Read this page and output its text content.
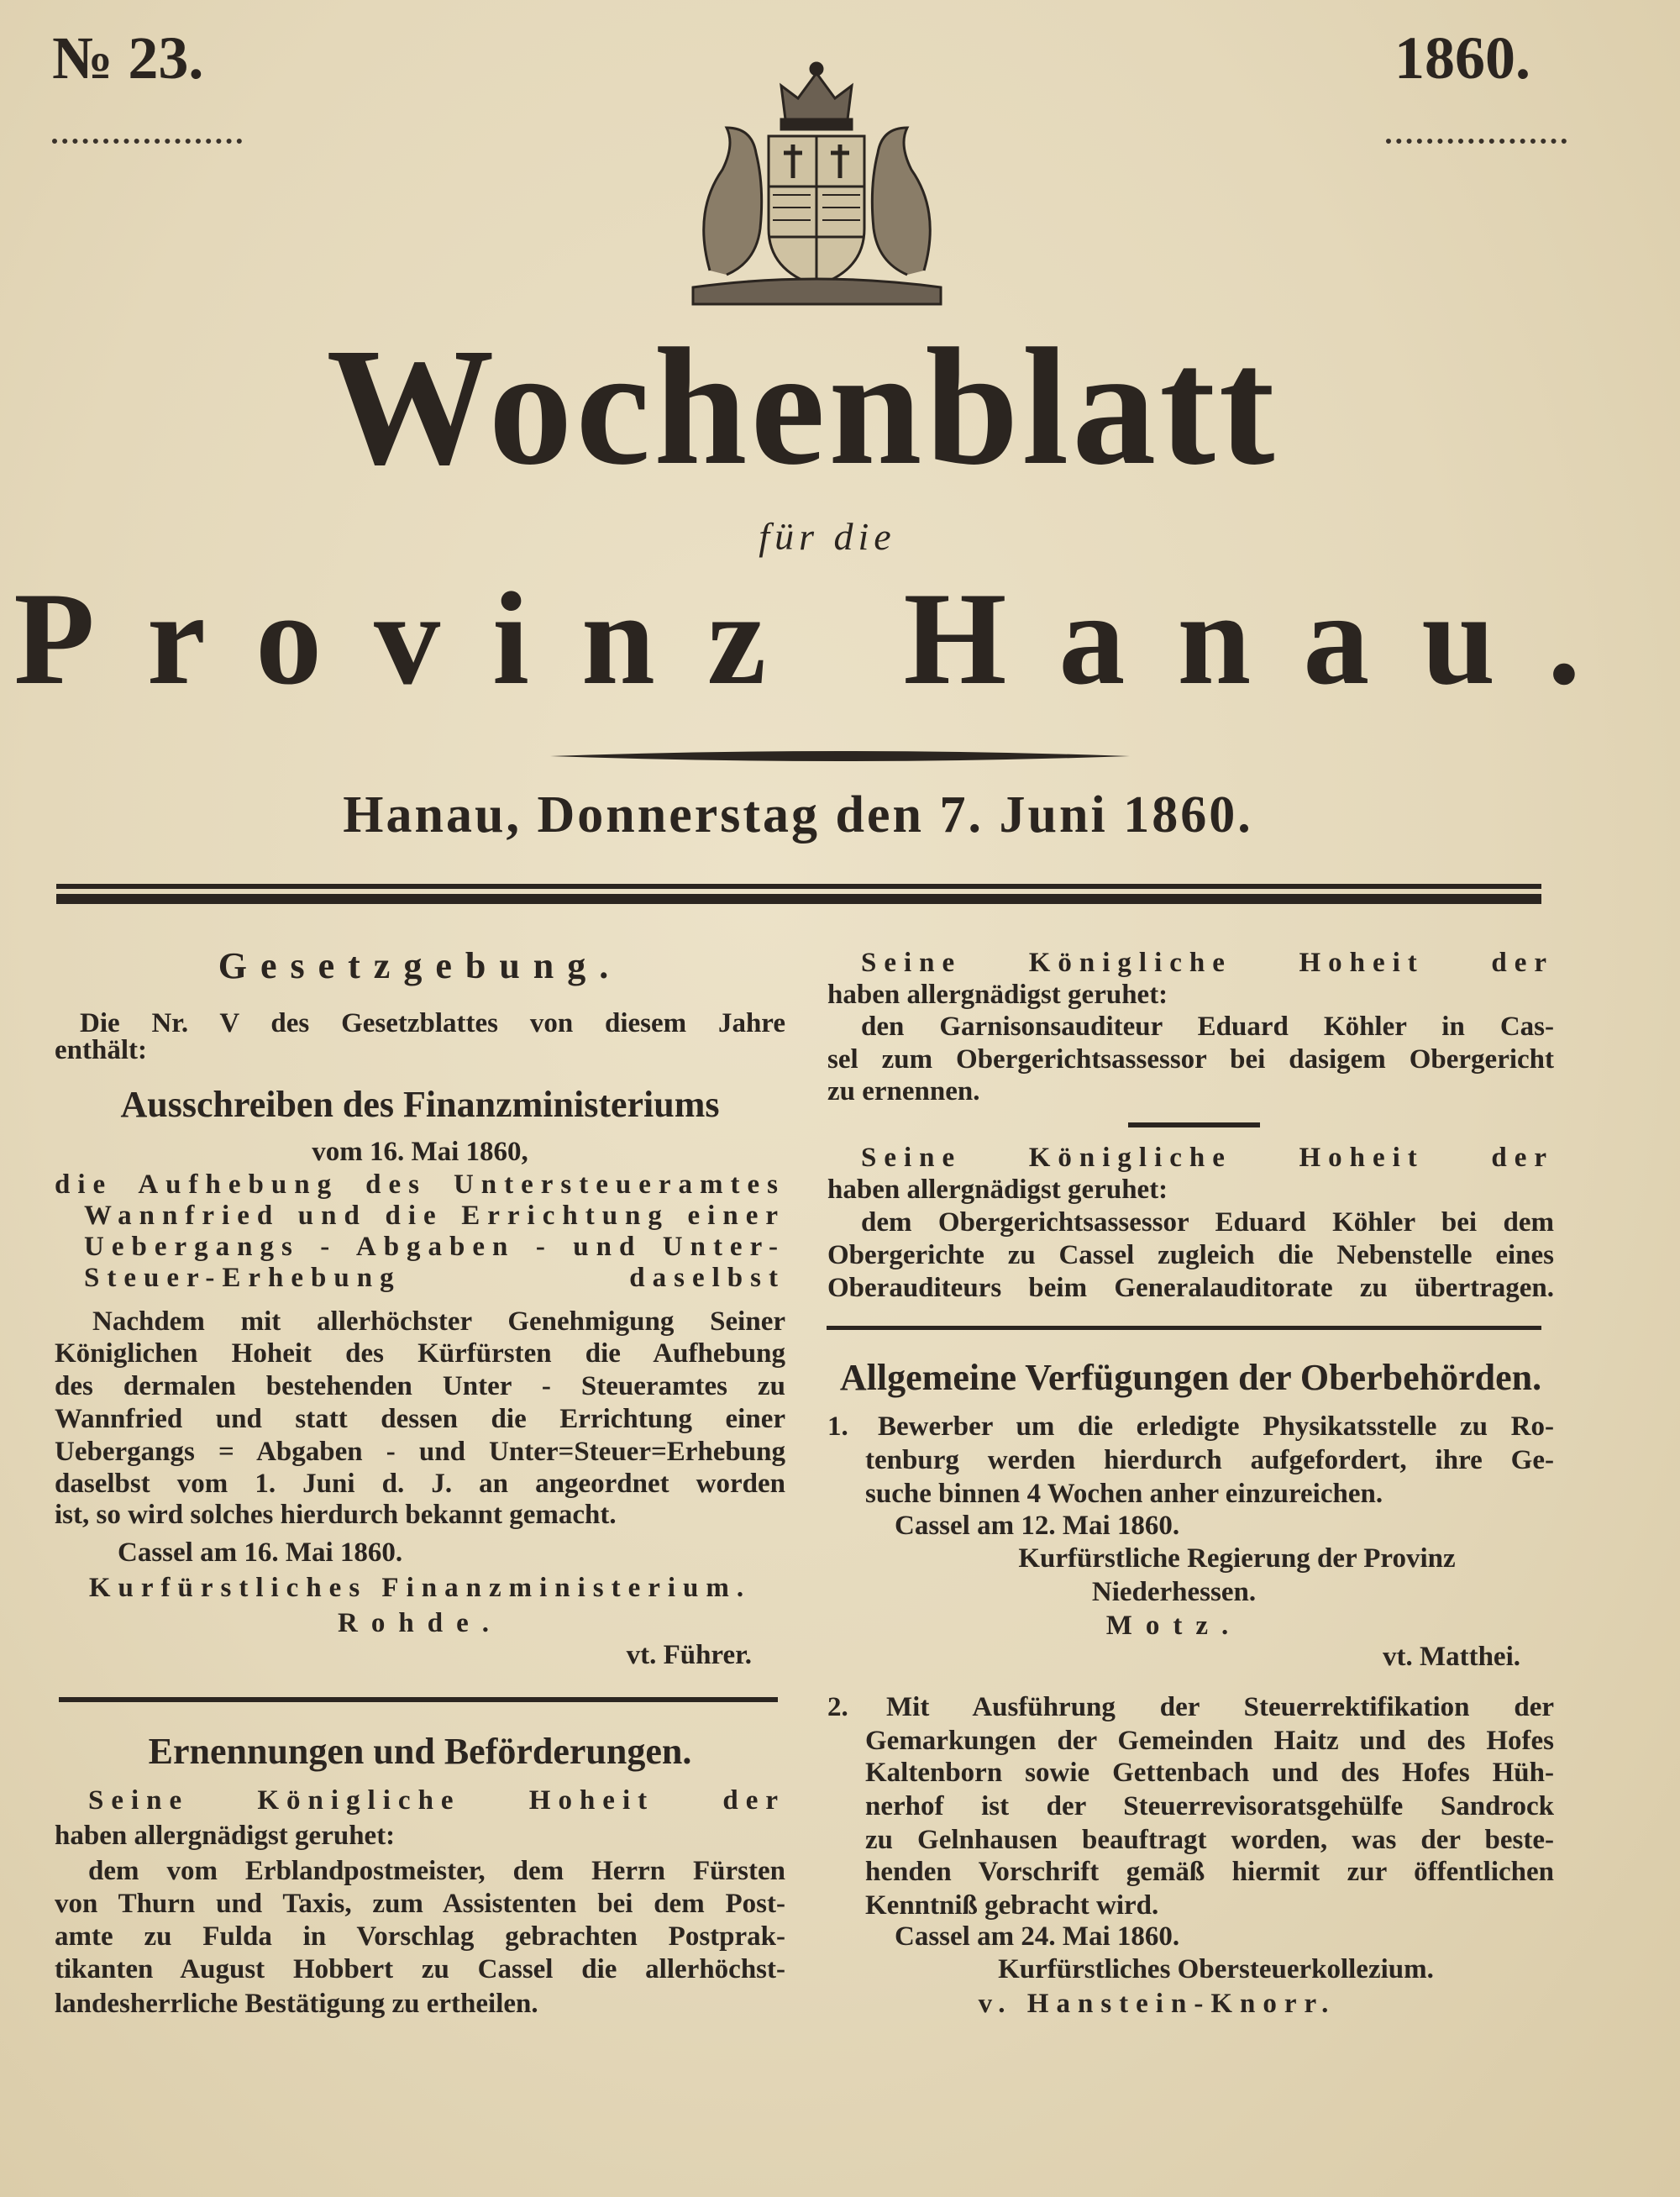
№ 23.	1860.
Wochenblatt
für die
Provinz Hanau.
Hanau, Donnerstag den 7. Juni 1860.
Gesetzgebung.
Die Nr. V des Gesetzblattes von diesem Jahre
enthält:
Ausschreiben des Finanzministeriums
vom 16. Mai 1860,
die Aufhebung des Untersteueramtes
Wannfried und die Errichtung einer
Uebergangs - Abgaben - und Unter-
Steuer-Erhebung daselbst
Nachdem mit allerhöchster Genehmigung Seiner
Königlichen Hoheit des Kürfürsten die Aufhebung
des dermalen bestehenden Unter - Steueramtes zu
Wannfried und statt dessen die Errichtung einer
Uebergangs = Abgaben - und Unter=Steuer=Erhebung
daselbst vom 1. Juni d. J. an angeordnet worden
ist, so wird solches hierdurch bekannt gemacht.
Cassel am 16. Mai 1860.
Kurfürstliches Finanzministerium.
Rohde.
vt. Führer.
Ernennungen und Beförderungen.
Seine Königliche Hoheit der
haben allergnädigst geruhet:
dem vom Erblandpostmeister, dem Herrn Fürsten
von Thurn und Taxis, zum Assistenten bei dem Post-
amte zu Fulda in Vorschlag gebrachten Postprak-
tikanten August Hobbert zu Cassel die allerhöchst-
landesherrliche Bestätigung zu ertheilen.
Seine Königliche Hoheit der
haben allergnädigst geruhet:
den Garnisonsauditeur Eduard Köhler in Cas-
sel zum Obergerichtsassessor bei dasigem Obergericht
zu ernennen.
Seine Königliche Hoheit der
haben allergnädigst geruhet:
dem Obergerichtsassessor Eduard Köhler bei dem
Obergerichte zu Cassel zugleich die Nebenstelle eines
Oberauditeurs beim Generalauditorate zu übertragen.
Allgemeine Verfügungen der Oberbehörden.
1.	Bewerber um die erledigte Physikatsstelle zu Ro-
tenburg werden hierdurch aufgefordert, ihre Ge-
suche binnen 4 Wochen anher einzureichen.
Cassel am 12. Mai 1860.
Kurfürstliche Regierung der Provinz
Niederhessen.
Motz.
vt. Matthei.
2.	Mit Ausführung der Steuerrektifikation der
Gemarkungen der Gemeinden Haitz und des Hofes
Kaltenborn sowie Gettenbach und des Hofes Hüh-
nerhof ist der Steuerrevisoratsgehülfe Sandrock
zu Gelnhausen beauftragt worden, was der beste-
henden Vorschrift gemäß hiermit zur öffentlichen
Kenntniß gebracht wird.
Cassel am 24. Mai 1860.
Kurfürstliches Obersteuerkollezium.
v. Hanstein-Knorr.
